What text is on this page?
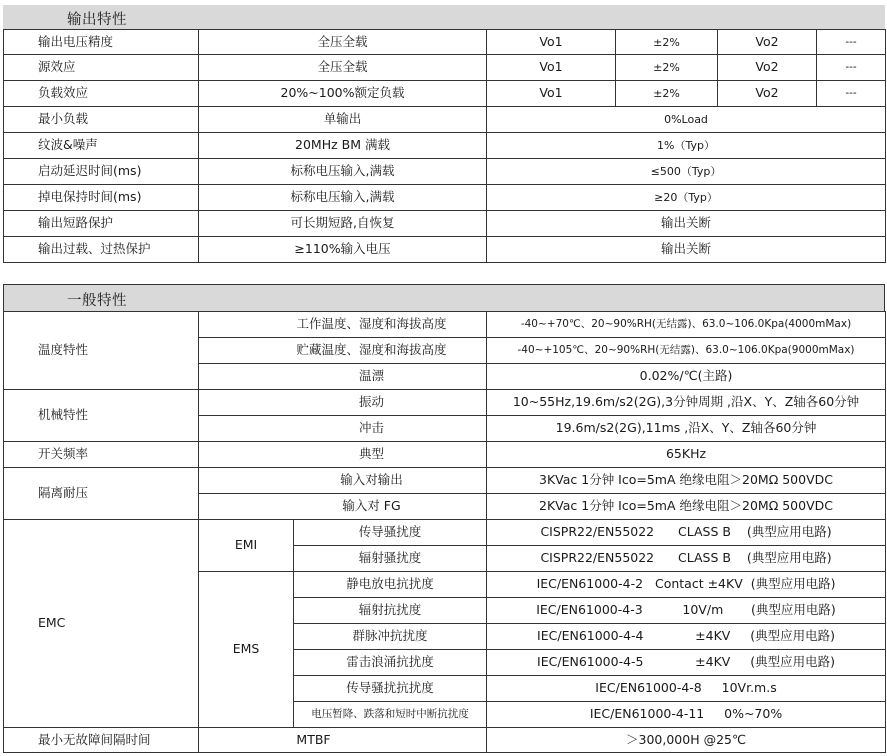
输出特性
输出电压精度	全压全载	Vo1	±2%	Vo2	---
源效应	全压全载	Vo1	±2%	Vo2	---
负载效应	20%~100%额定负载	Vo1	±2%	Vo2	---
最小负载	单输出	0%Load			
纹波&噪声	20MHz BM 满载	1%（Typ）			
启动延迟时间(ms)	标称电压输入,满载	≤500（Typ）			
掉电保持时间(ms)	标称电压输入,满载	≥20（Typ）			
输出短路保护	可长期短路,自恢复	输出关断			
输出过载、过热保护	≥110%输入电压	输出关断			
一般特性
温度特性	工作温度、湿度和海拔高度		-40~+70℃、20~90%RH(无结露)、63.0~106.0Kpa(4000mMax)
	贮藏温度、湿度和海拔高度		-40~+105℃、20~90%RH(无结露)、63.0~106.0Kpa(9000mMax)
	温漂		0.02%/℃(主路)
机械特性	振动		10~55Hz,19.6m/s2(2G),3分钟周期 ,沿X、Y、Z轴各60分钟
	冲击		19.6m/s2(2G),11ms ,沿X、Y、Z轴各60分钟
开关频率	典型		65KHz
隔离耐压	输入对输出		3KVac 1分钟 Ico=5mA 绝缘电阻＞20MΩ 500VDC
	输入对 FG		2KVac 1分钟 Ico=5mA 绝缘电阻＞20MΩ 500VDC
EMC	EMI	传导骚扰度	CISPR22/EN55022      CLASS B    (典型应用电路)
		辐射骚扰度	CISPR22/EN55022      CLASS B    (典型应用电路)
	EMS	静电放电抗扰度	IEC/EN61000-4-2   Contact ±4KV  (典型应用电路)
		辐射抗扰度	IEC/EN61000-4-3          10V/m       (典型应用电路)
		群脉冲抗扰度	IEC/EN61000-4-4             ±4KV     (典型应用电路)
		雷击浪涌抗扰度	IEC/EN61000-4-5             ±4KV     (典型应用电路)
		传导骚扰抗扰度	IEC/EN61000-4-8     10Vr.m.s
		电压暂降、跌落和短时中断抗扰度	IEC/EN61000-4-11     0%~70%
最小无故障间隔时间	MTBF		＞300,000H @25℃
